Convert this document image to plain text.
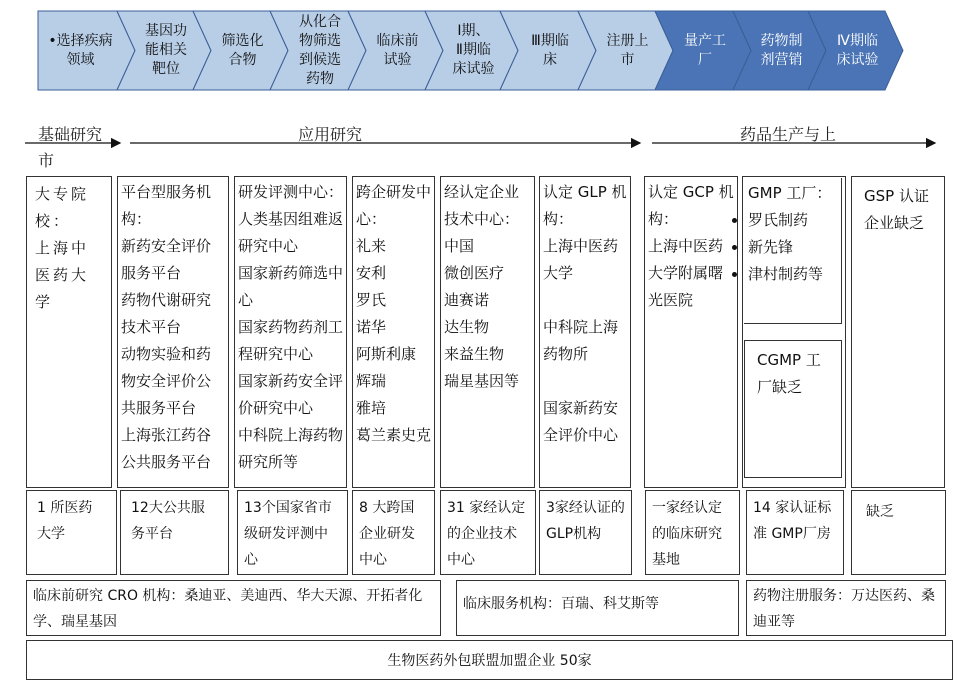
•选择疾病
领域
基因功
能相关
靶位
筛选化
合物
从化合
物筛选
到候选
药物
临床前
试验
Ⅰ期、
Ⅱ期临
床试验
Ⅲ期临
床
注册上
市
量产工
厂
药物制
剂营销
Ⅳ期临
床试验
基础研究
市
应用研究	药品生产与上
大专院校：
上海中医药大学
平台型服务机构：
新药安全评价服务平台
药物代谢研究技术平台
动物实验和药物安全评价公共服务平台
上海张江药谷公共服务平台
研发评测中心：
人类基因组难返研究中心
国家新药筛选中心
国家药物药剂工程研究中心
国家新药安全评价研究中心
中科院上海药物研究所等
跨企研发中心：
礼来
安利
罗氏
诺华
阿斯利康
辉瑞
雅培
葛兰素史克
经认定企业技术中心：
中国
微创医疗
迪赛诺
达生物
来益生物
瑞星基因等
认定 GLP 机构：
上海中医药大学
中科院上海药物所
国家新药安全评价中心
认定 GCP 机构：
上海中医药大学附属曙光医院
GMP 工厂：
• 罗氏制药
• 新先锋
• 津村制药等
CGMP 工厂缺乏
GSP 认证企业缺乏
1 所医药大学
12大公共服务平台
13个国家省市级研发评测中心
8 大跨国企业研发中心
31 家经认定的企业技术中心
3家经认证的GLP机构
一家经认定的临床研究基地
14 家认证标准 GMP厂房
缺乏
临床前研究 CRO 机构：桑迪亚、美迪西、华大天源、开拓者化学、瑞星基因
临床服务机构：百瑞、科艾斯等	药物注册服务：万达医药、桑迪亚等
生物医药外包联盟加盟企业 50家
